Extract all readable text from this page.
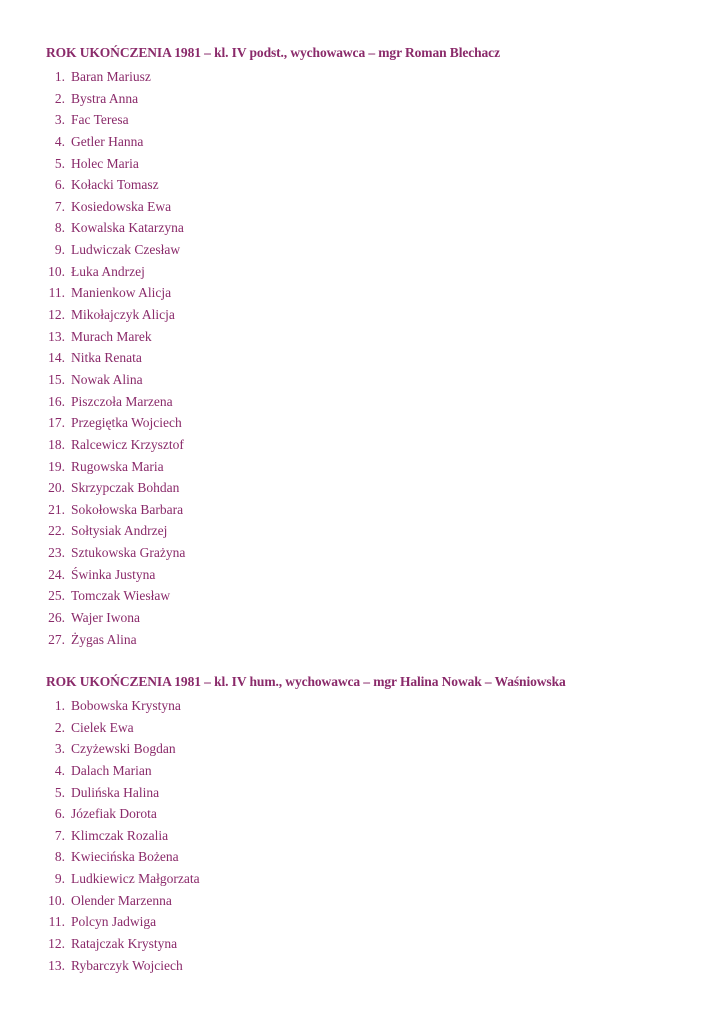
ROK UKOŃCZENIA 1981 – kl. IV podst., wychowawca – mgr Roman Blechacz
1. Baran Mariusz
2. Bystra Anna
3. Fac Teresa
4. Getler Hanna
5. Holec Maria
6. Kołacki Tomasz
7. Kosiedowska Ewa
8. Kowalska Katarzyna
9. Ludwiczak Czesław
10. Łuka Andrzej
11. Manienkow Alicja
12. Mikołajczyk Alicja
13. Murach Marek
14. Nitka Renata
15. Nowak Alina
16. Piszczoła Marzena
17. Przegiętka Wojciech
18. Ralcewicz Krzysztof
19. Rugowska Maria
20. Skrzypczak Bohdan
21. Sokołowska Barbara
22. Sołtysiak Andrzej
23. Sztukowska Grażyna
24. Świnka Justyna
25. Tomczak Wiesław
26. Wajer Iwona
27. Żygas Alina
ROK UKOŃCZENIA 1981 – kl. IV hum., wychowawca – mgr Halina Nowak – Waśniowska
1. Bobowska Krystyna
2. Cielek Ewa
3. Czyżewski Bogdan
4. Dalach Marian
5. Dulińska Halina
6. Józefiak Dorota
7. Klimczak Rozalia
8. Kwiecińska Bożena
9. Ludkiewicz Małgorzata
10. Olender Marzenna
11. Polcyn Jadwiga
12. Ratajczak Krystyna
13. Rybarczyk Wojciech
